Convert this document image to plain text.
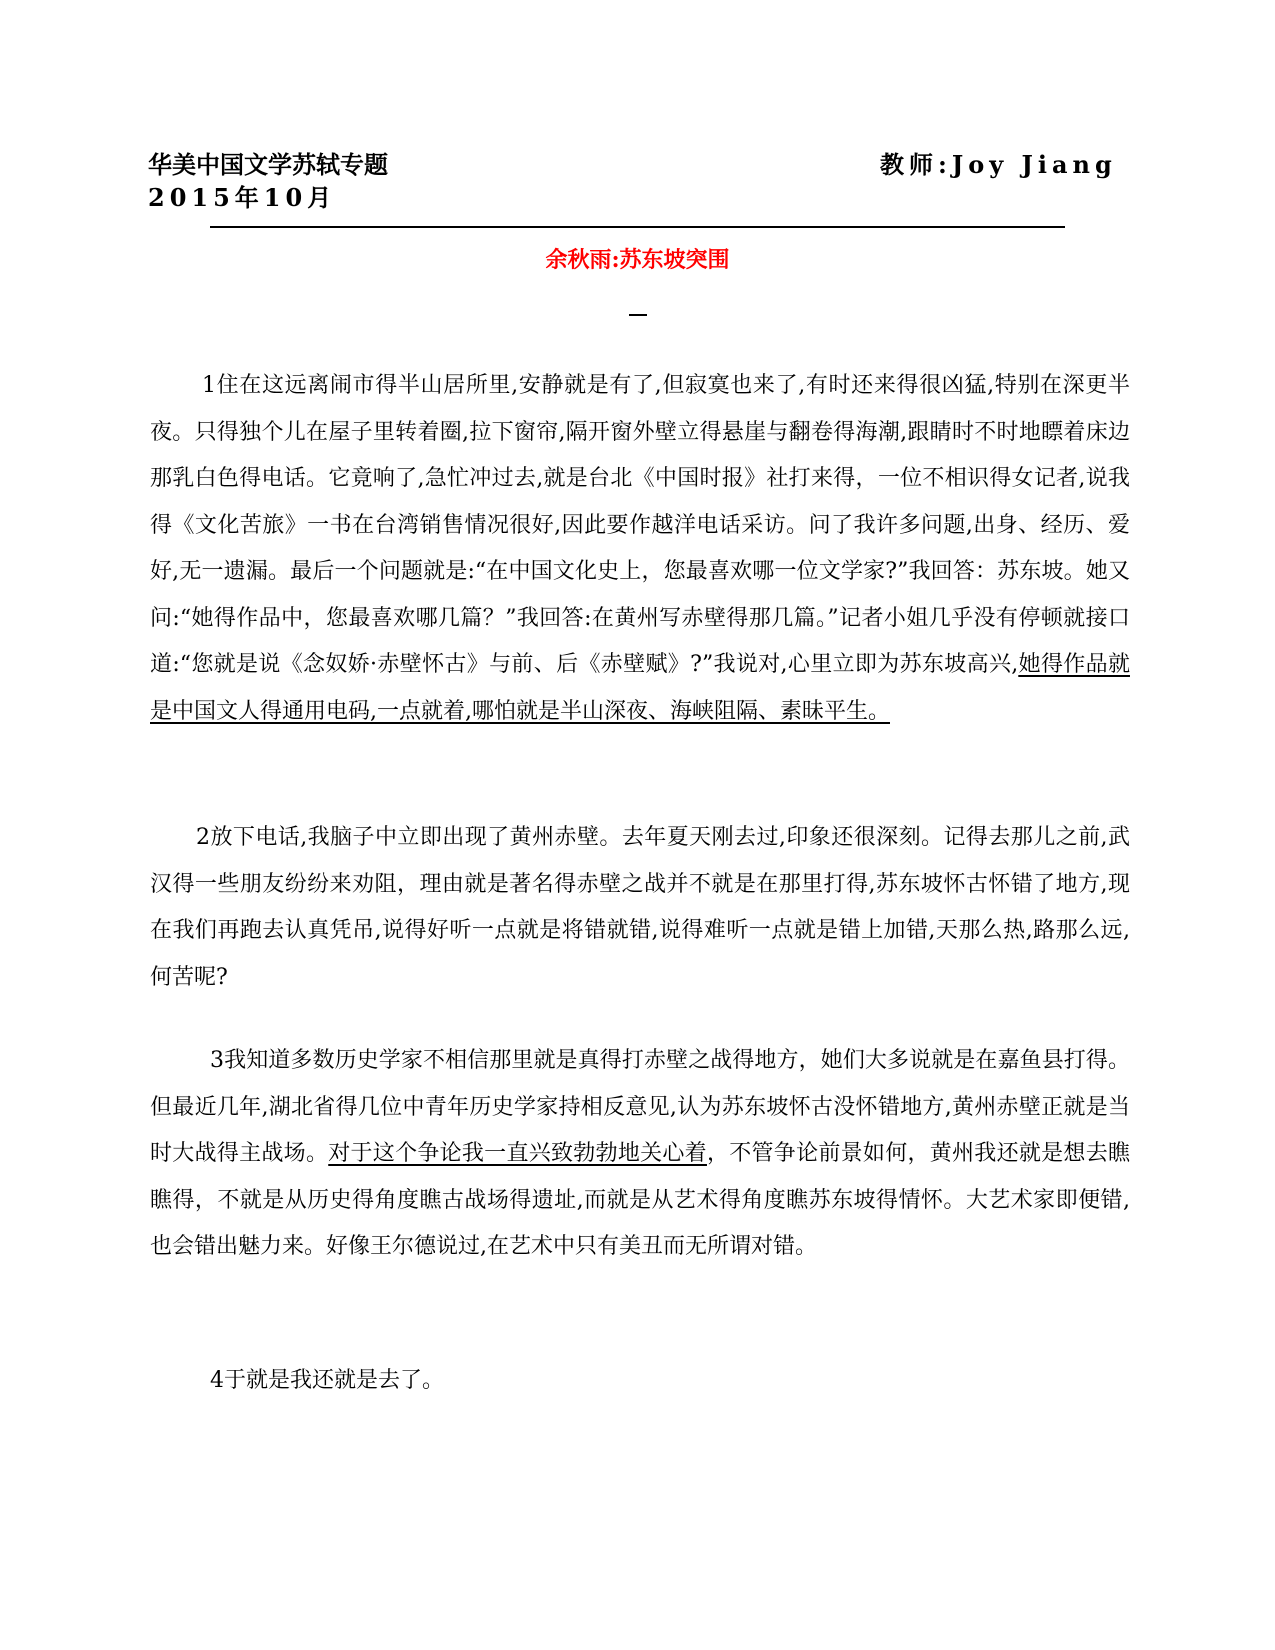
华美中国文学苏轼专题	教师:Joy Jiang
2015年10月
余秋雨:苏东坡突围

1住在这远离闹市得半山居所里,安静就是有了,但寂寞也来了,有时还来得很凶猛,特别在深更半夜。只得独个儿在屋子里转着圈,拉下窗帘,隔开窗外壁立得悬崖与翻卷得海潮,跟睛时不时地瞟着床边那乳白色得电话。它竟响了,急忙冲过去,就是台北《中国时报》社打来得，一位不相识得女记者,说我得《文化苦旅》一书在台湾销售情况很好,因此要作越洋电话采访。问了我许多问题,出身、经历、爱好,无一遗漏。最后一个问题就是:“在中国文化史上，您最喜欢哪一位文学家?”我回答：苏东坡。她又问:“她得作品中，您最喜欢哪几篇？”我回答:在黄州写赤壁得那几篇。”记者小姐几乎没有停顿就接口道:“您就是说《念奴娇·赤壁怀古》与前、后《赤壁赋》?”我说对,心里立即为苏东坡高兴,她得作品就是中国文人得通用电码,一点就着,哪怕就是半山深夜、海峡阻隔、素昧平生。

2放下电话,我脑子中立即出现了黄州赤壁。去年夏天刚去过,印象还很深刻。记得去那儿之前,武汉得一些朋友纷纷来劝阻，理由就是著名得赤壁之战并不就是在那里打得,苏东坡怀古怀错了地方,现在我们再跑去认真凭吊,说得好听一点就是将错就错,说得难听一点就是错上加错,天那么热,路那么远,何苦呢?

3我知道多数历史学家不相信那里就是真得打赤壁之战得地方，她们大多说就是在嘉鱼县打得。但最近几年,湖北省得几位中青年历史学家持相反意见,认为苏东坡怀古没怀错地方,黄州赤壁正就是当时大战得主战场。对于这个争论我一直兴致勃勃地关心着，不管争论前景如何，黄州我还就是想去瞧瞧得，不就是从历史得角度瞧古战场得遗址,而就是从艺术得角度瞧苏东坡得情怀。大艺术家即便错,也会错出魅力来。好像王尔德说过,在艺术中只有美丑而无所谓对错。

4于就是我还就是去了。
